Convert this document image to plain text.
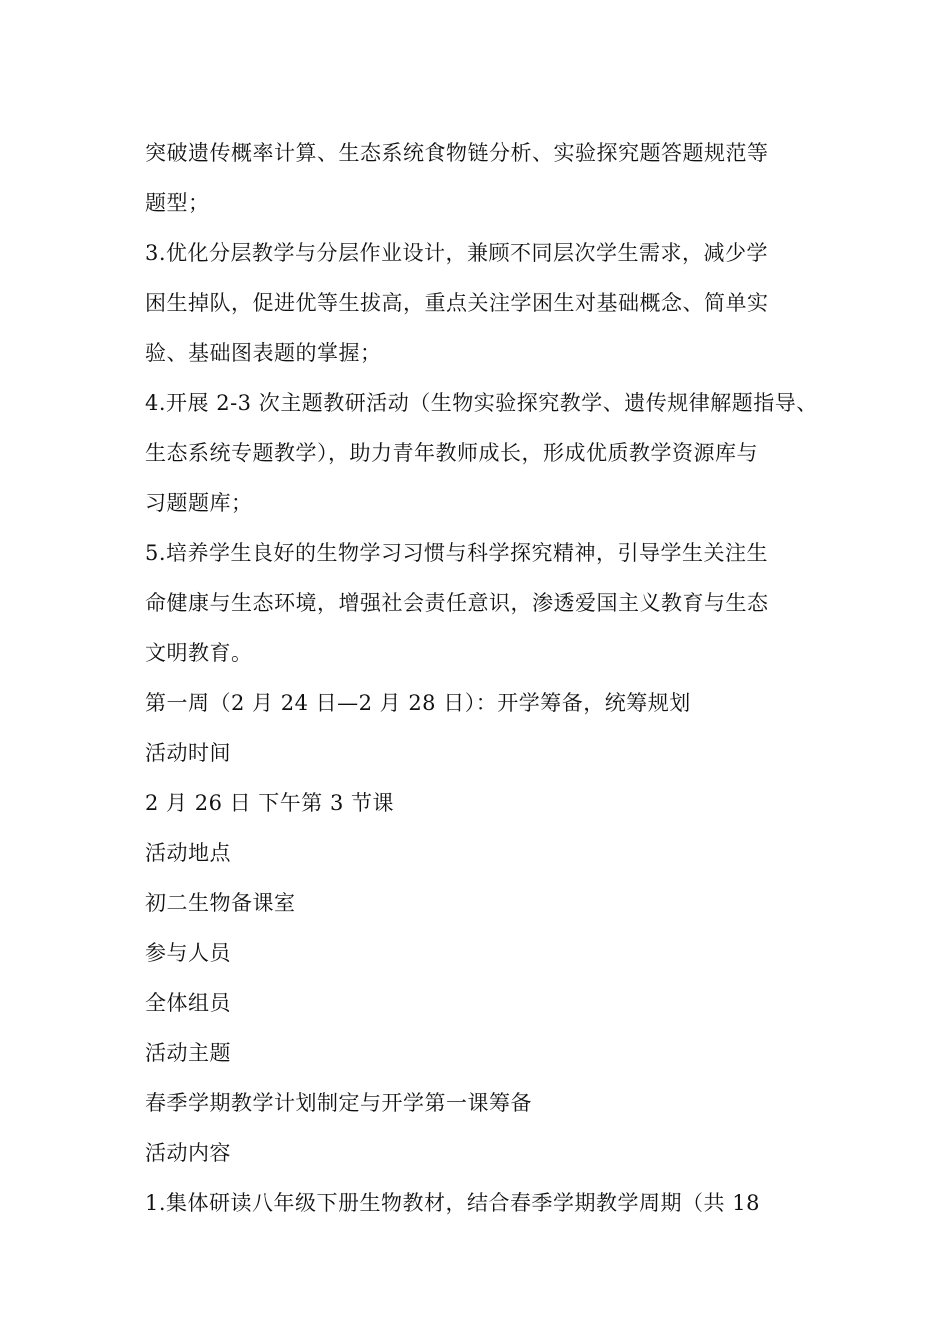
突破遗传概率计算、生态系统食物链分析、实验探究题答题规范等
题型；
3.优化分层教学与分层作业设计，兼顾不同层次学生需求，减少学
困生掉队，促进优等生拔高，重点关注学困生对基础概念、简单实
验、基础图表题的掌握；
4.开展 2-3 次主题教研活动（生物实验探究教学、遗传规律解题指导、
生态系统专题教学），助力青年教师成长，形成优质教学资源库与
习题题库；
5.培养学生良好的生物学习习惯与科学探究精神，引导学生关注生
命健康与生态环境，增强社会责任意识，渗透爱国主义教育与生态
文明教育。
第一周（2 月 24 日—2 月 28 日）：开学筹备，统筹规划
活动时间
2 月 26 日 下午第 3 节课
活动地点
初二生物备课室
参与人员
全体组员
活动主题
春季学期教学计划制定与开学第一课筹备
活动内容
1.集体研读八年级下册生物教材，结合春季学期教学周期（共 18
